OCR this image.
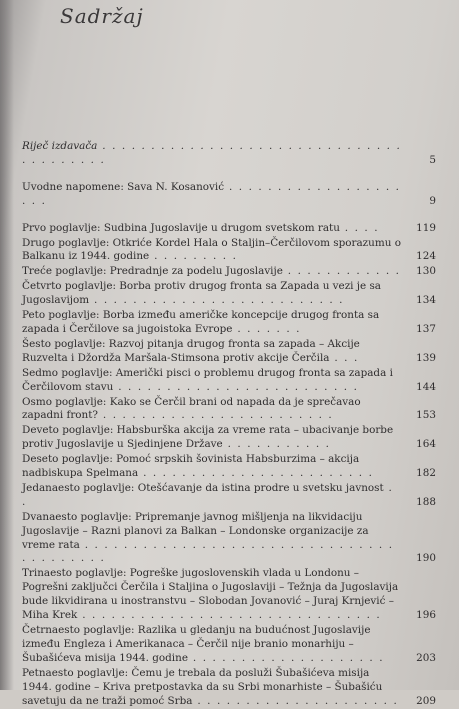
Sadržaj
Riječ izdavača . . . . . . . . . . . . . . . . . . . . . . . . . . . . . . . . . . . . . . . .	5
Uvodne napomene: Sava N. Kosanović . . . . . . . . . . . . . . . . . . . . .	9
Prvo poglavlje: Sudbina Jugoslavije u drugom svetskom ratu . . . .	119
Drugo poglavlje: Otkriće Kordel Hala o Staljin–Čerčilovom sporazumu o Balkanu iz 1944. godine . . . . . . . . .	124
Treće poglavlje: Predradnje za podelu Jugoslavije . . . . . . . . . . . .	130
Četvrto poglavlje: Borba protiv drugog fronta sa Zapada u vezi je sa Jugoslavijom . . . . . . . . . . . . . . . . . . . . . . . . . .	134
Peto poglavlje: Borba između američke koncepcije drugog fronta sa zapada i Čerčilove sa jugoistoka Evrope . . . . . . .	137
Šesto poglavlje: Razvoj pitanja drugog fronta sa zapada – Akcije Ruzvelta i Džordža Maršala-Stimsona protiv akcije Čerčila . . .	139
Sedmo poglavlje: Američki pisci o problemu drugog fronta sa zapada i Čerčilovom stavu . . . . . . . . . . . . . . . . . . . . . . . . .	144
Osmo poglavlje: Kako se Čerčil brani od napada da je sprečavao zapadni front? . . . . . . . . . . . . . . . . . . . . . . . .	153
Deveto poglavlje: Habsburška akcija za vreme rata – ubacivanje borbe protiv Jugoslavije u Sjedinjene Države . . . . . . . . . . .	164
Deseto poglavlje: Pomoć srpskih šovinista Habsburzima – akcija nadbiskupa Spelmana . . . . . . . . . . . . . . . . . . . . . . . .	182
Jedanaesto poglavlje: Otešćavanje da istina prodre u svetsku javnost . .	188
Dvanaesto poglavlje: Pripremanje javnog mišljenja na likvidaciju Jugoslavije – Razni planovi za Balkan – Londonske organizacije za vreme rata . . . . . . . . . . . . . . . . . . . . . . . . . . . . . . . . . . . . . . . . .	190
Trinaesto poglavlje: Pogreške jugoslovenskih vlada u Londonu – Pogrešni zaključci Čerčila i Staljina o Jugoslaviji – Težnja da Jugoslavija bude likvidirana u inostranstvu – Slobodan Jovanović – Juraj Krnjević – Miha Krek . . . . . . . . . . . . . . . . . . . . . . . . . . . . . . .	196
Četrnaesto poglavlje: Razlika u gledanju na budućnost Jugoslavije između Engleza i Amerikanaca – Čerčil nije branio monarhiju – Šubašićeva misija 1944. godine . . . . . . . . . . . . . . . . . . . .	203
Petnaesto poglavlje: Čemu je trebala da posluži Šubašićeva misija 1944. godine – Kriva pretpostavka da su Srbi monarhiste – Šubašiću savetuju da ne traži pomoć Srba . . . . . . . . . . . . . . . . . . . . .	209
